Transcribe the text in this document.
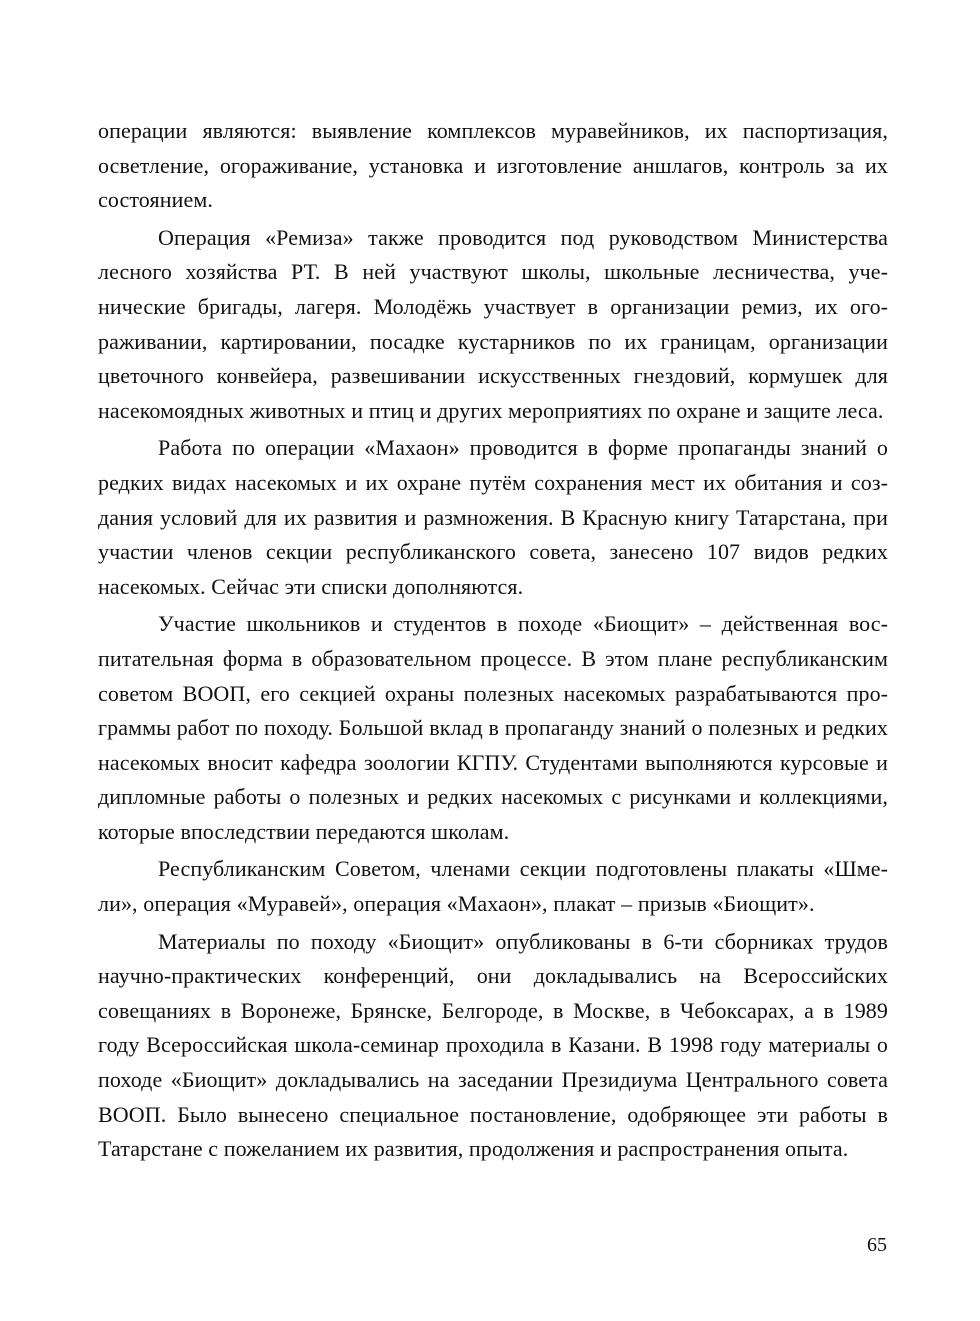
операции являются: выявление комплексов муравейников, их паспортизация, осветление, огораживание, установка и изготовление аншлагов, контроль за их состоянием.

Операция «Ремиза» также проводится под руководством Министерства лесного хозяйства РТ. В ней участвуют школы, школьные лесничества, ученические бригады, лагеря. Молодёжь участвует в организации ремиз, их огораживании, картировании, посадке кустарников по их границам, организации цветочного конвейера, развешивании искусственных гнездовий, кормушек для насекомоядных животных и птиц и других мероприятиях по охране и защите леса.

Работа по операции «Махаон» проводится в форме пропаганды знаний о редких видах насекомых и их охране путём сохранения мест их обитания и создания условий для их развития и размножения. В Красную книгу Татарстана, при участии членов секции республиканского совета, занесено 107 видов редких насекомых. Сейчас эти списки дополняются.

Участие школьников и студентов в походе «Биощит» – действенная воспитательная форма в образовательном процессе. В этом плане республиканским советом ВООП, его секцией охраны полезных насекомых разрабатываются программы работ по походу. Большой вклад в пропаганду знаний о полезных и редких насекомых вносит кафедра зоологии КГПУ. Студентами выполняются курсовые и дипломные работы о полезных и редких насекомых с рисунками и коллекциями, которые впоследствии передаются школам.

Республиканским Советом, членами секции подготовлены плакаты «Шмели», операция «Муравей», операция «Махаон», плакат – призыв «Биощит».

Материалы по походу «Биощит» опубликованы в 6-ти сборниках трудов научно-практических конференций, они докладывались на Всероссийских совещаниях в Воронеже, Брянске, Белгороде, в Москве, в Чебоксарах, а в 1989 году Всероссийская школа-семинар проходила в Казани. В 1998 году материалы о походе «Биощит» докладывались на заседании Президиума Центрального совета ВООП. Было вынесено специальное постановление, одобряющее эти работы в Татарстане с пожеланием их развития, продолжения и распространения опыта.

65
